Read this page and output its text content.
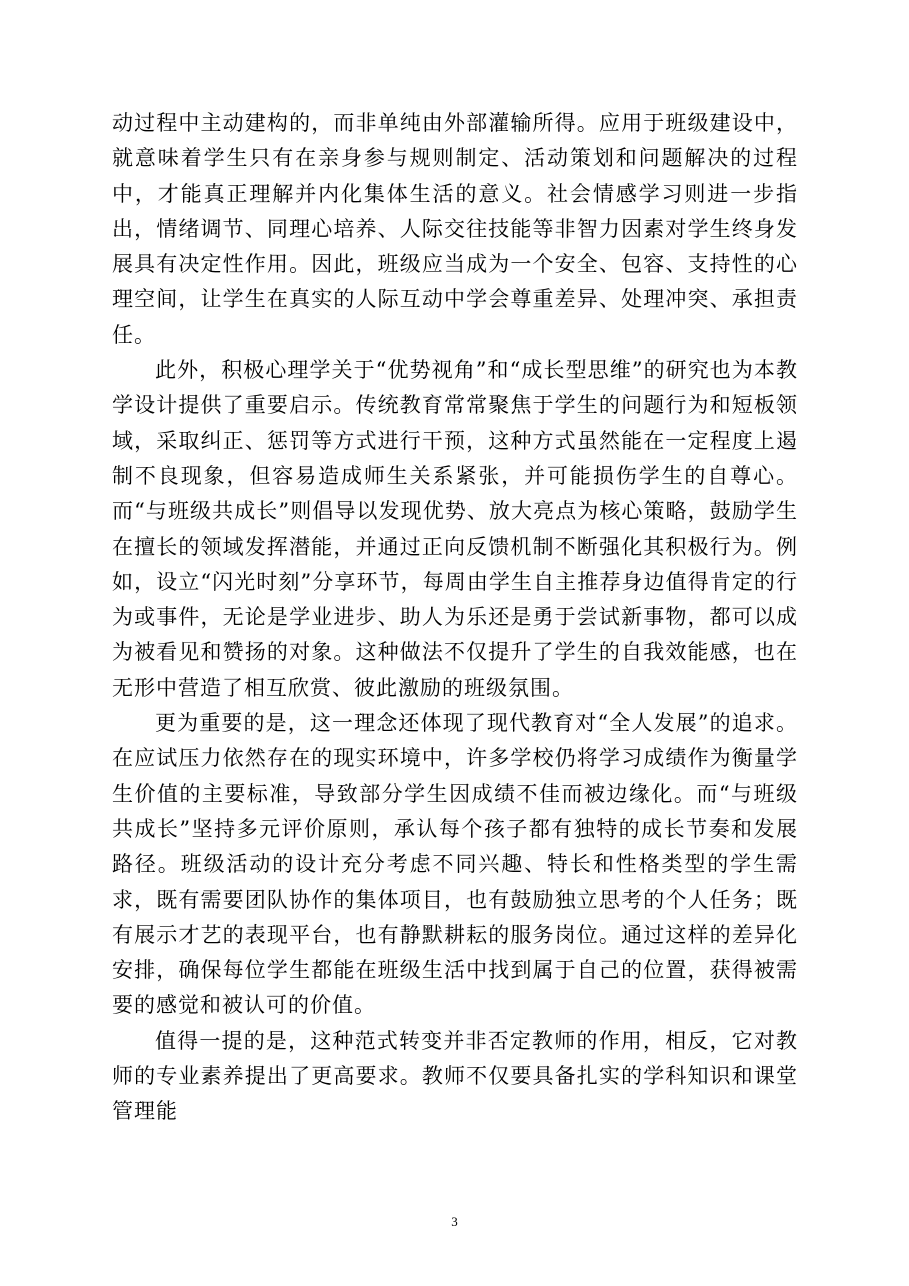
动过程中主动建构的，而非单纯由外部灌输所得。应用于班级建设中，就意味着学生只有在亲身参与规则制定、活动策划和问题解决的过程中，才能真正理解并内化集体生活的意义。社会情感学习则进一步指出，情绪调节、同理心培养、人际交往技能等非智力因素对学生终身发展具有决定性作用。因此，班级应当成为一个安全、包容、支持性的心理空间，让学生在真实的人际互动中学会尊重差异、处理冲突、承担责任。

此外，积极心理学关于“优势视角”和“成长型思维”的研究也为本教学设计提供了重要启示。传统教育常常聚焦于学生的问题行为和短板领域，采取纠正、惩罚等方式进行干预，这种方式虽然能在一定程度上遏制不良现象，但容易造成师生关系紧张，并可能损伤学生的自尊心。而“与班级共成长”则倡导以发现优势、放大亮点为核心策略，鼓励学生在擅长的领域发挥潜能，并通过正向反馈机制不断强化其积极行为。例如，设立“闪光时刻”分享环节，每周由学生自主推荐身边值得肯定的行为或事件，无论是学业进步、助人为乐还是勇于尝试新事物，都可以成为被看见和赞扬的对象。这种做法不仅提升了学生的自我效能感，也在无形中营造了相互欣赏、彼此激励的班级氛围。

更为重要的是，这一理念还体现了现代教育对“全人发展”的追求。在应试压力依然存在的现实环境中，许多学校仍将学习成绩作为衡量学生价值的主要标准，导致部分学生因成绩不佳而被边缘化。而“与班级共成长”坚持多元评价原则，承认每个孩子都有独特的成长节奏和发展路径。班级活动的设计充分考虑不同兴趣、特长和性格类型的学生需求，既有需要团队协作的集体项目，也有鼓励独立思考的个人任务；既有展示才艺的表现平台，也有静默耕耘的服务岗位。通过这样的差异化安排，确保每位学生都能在班级生活中找到属于自己的位置，获得被需要的感觉和被认可的价值。

值得一提的是，这种范式转变并非否定教师的作用，相反，它对教师的专业素养提出了更高要求。教师不仅要具备扎实的学科知识和课堂管理能

3
